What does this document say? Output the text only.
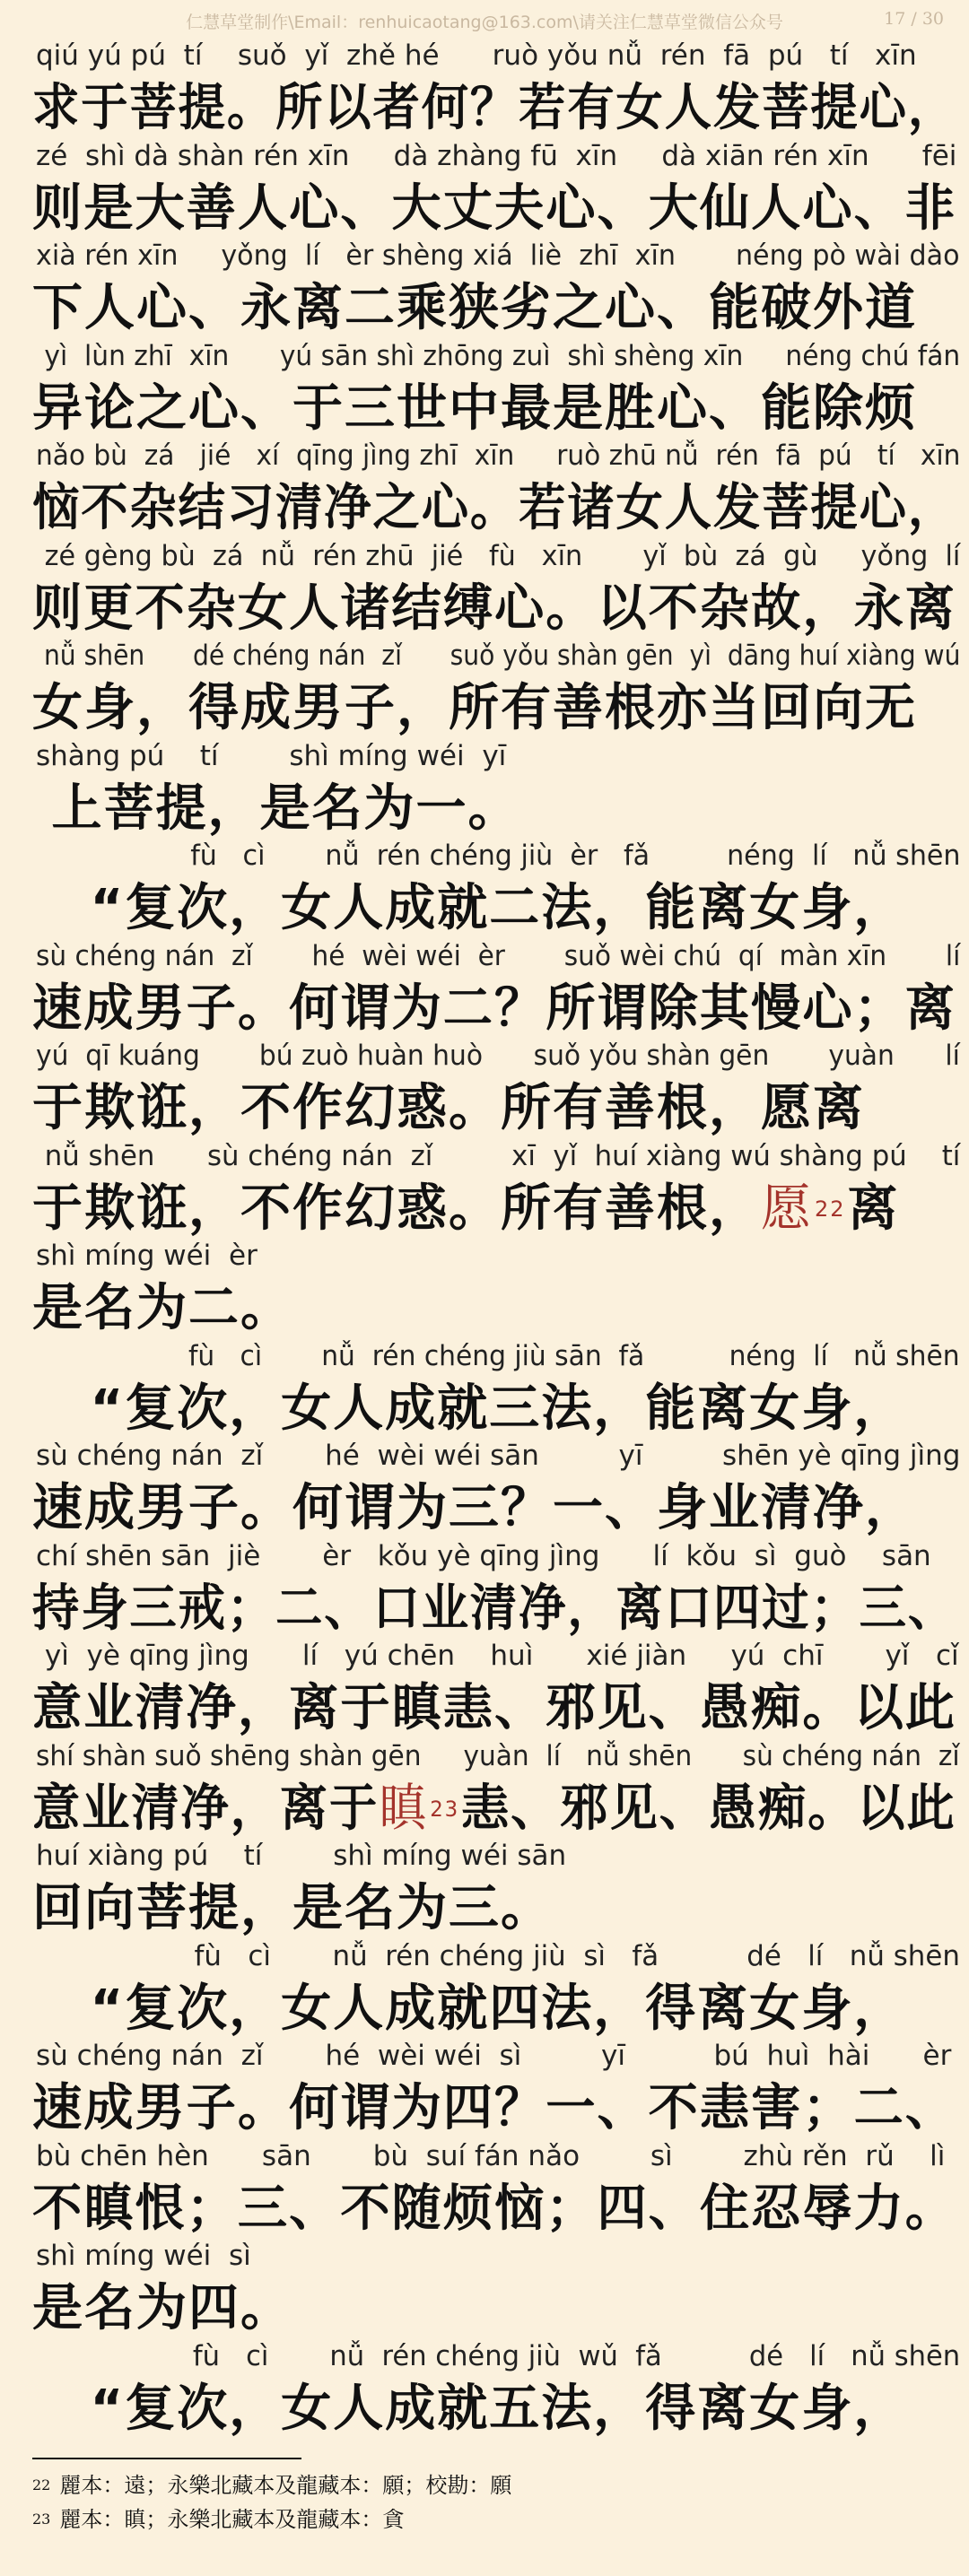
仁慧草堂制作\Email：renhuicaotang@163.com\请关注仁慧草堂微信公众号	17 / 30
qiú yú pú  tí    suǒ  yǐ  zhě hé      ruò yǒu nǚ  rén  fā  pú   tí   xīn
求于菩提。所以者何？若有女人发菩提心，
zé  shì dà shàn rén xīn     dà zhàng fū  xīn     dà xiān rén xīn      fēi
则是大善人心、大丈夫心、大仙人心、非
xià rén xīn     yǒng  lí   èr shèng xiá  liè  zhī  xīn       néng pò wài dào
下人心、永离二乘狭劣之心、能破外道
yì  lùn zhī  xīn      yú sān shì zhōng zuì  shì shèng xīn     néng chú fán
异论之心、于三世中最是胜心、能除烦
nǎo bù  zá   jié   xí  qīng jìng zhī  xīn     ruò zhū nǚ  rén  fā  pú   tí   xīn
恼不杂结习清净之心。若诸女人发菩提心，
zé gèng bù  zá  nǚ  rén zhū  jié   fù   xīn       yǐ  bù  zá  gù     yǒng  lí
则更不杂女人诸结缚心。以不杂故，永离
nǚ shēn      dé chéng nán  zǐ      suǒ yǒu shàn gēn  yì  dāng huí xiàng wú
女身，得成男子，所有善根亦当回向无
shàng pú    tí        shì míng wéi  yī
上菩提，是名为一。
fù   cì       nǚ  rén chéng jiù  èr   fǎ         néng  lí   nǚ shēn
“复次，女人成就二法，能离女身，
sù chéng nán  zǐ       hé  wèi wéi  èr       suǒ wèi chú  qí  màn xīn       lí
速成男子。何谓为二？所谓除其慢心；离
yú  qī kuáng       bú zuò huàn huò      suǒ yǒu shàn gēn       yuàn      lí
于欺诳，不作幻惑。所有善根，愿离
nǚ shēn      sù chéng nán  zǐ         xī  yǐ  huí xiàng wú shàng pú    tí
于欺诳，不作幻惑。所有善根，愿$^{22}$离
shì míng wéi  èr
是名为二。
fù   cì       nǚ  rén chéng jiù sān  fǎ          néng  lí   nǚ shēn
“复次，女人成就三法，能离女身，
sù chéng nán  zǐ       hé  wèi wéi sān         yī         shēn yè qīng jìng
速成男子。何谓为三？一、身业清净，
chí shēn sān  jiè       èr   kǒu yè qīng jìng      lí  kǒu  sì  guò    sān
持身三戒；二、口业清净，离口四过；三、
yì  yè qīng jìng      lí   yú chēn    huì      xié jiàn     yú  chī       yǐ   cǐ
意业清净，离于瞋恚、邪见、愚痴。以此
shí shàn suǒ shēng shàn gēn     yuàn  lí   nǚ shēn      sù chéng nán  zǐ
意业清净，离于瞋$^{23}$恚、邪见、愚痴。以此
huí xiàng pú    tí        shì míng wéi sān
回向菩提，是名为三。
fù   cì       nǚ  rén chéng jiù  sì   fǎ          dé   lí   nǚ shēn
“复次，女人成就四法，得离女身，
sù chéng nán  zǐ       hé  wèi wéi  sì         yī          bú  huì  hài      èr
速成男子。何谓为四？一、不恚害；二、
bù chēn hèn      sān       bù  suí fán nǎo        sì        zhù rěn  rǔ    lì
不瞋恨；三、不随烦恼；四、住忍辱力。
shì míng wéi  sì
是名为四。
fù   cì       nǚ  rén chéng jiù  wǔ  fǎ          dé   lí   nǚ shēn
“复次，女人成就五法，得离女身，
$^{22}$ 麗本：遠；永樂北藏本及龍藏本：願；校勘：願
$^{23}$ 麗本：瞋；永樂北藏本及龍藏本：貪
